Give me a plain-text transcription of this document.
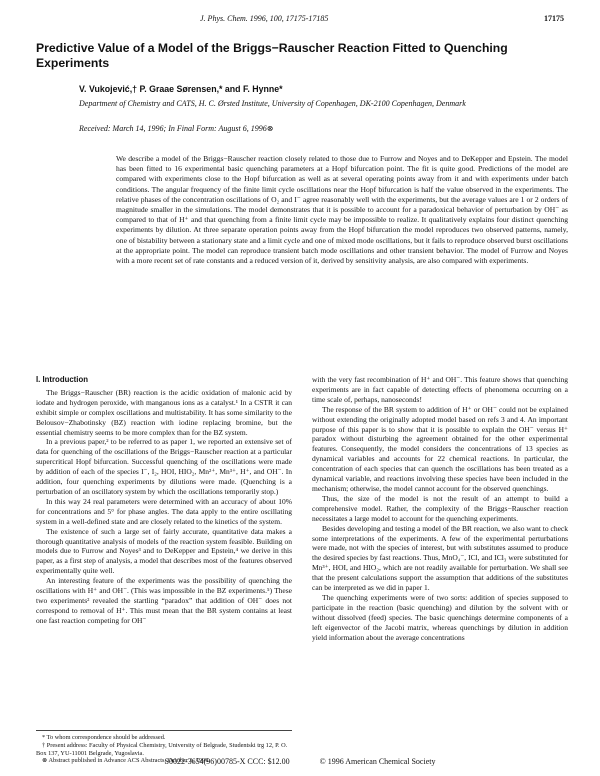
J. Phys. Chem. 1996, 100, 17175-17185	17175
Predictive Value of a Model of the Briggs−Rauscher Reaction Fitted to Quenching Experiments
V. Vukojević,† P. Graae Sørensen,* and F. Hynne*
Department of Chemistry and CATS, H. C. Ørsted Institute, University of Copenhagen, DK-2100 Copenhagen, Denmark
Received: March 14, 1996; In Final Form: August 6, 1996⊗

We describe a model of the Briggs−Rauscher reaction closely related to those due to Furrow and Noyes and to DeKepper and Epstein. The model has been fitted to 16 experimental basic quenching parameters at a Hopf bifurcation point. The fit is quite good. Predictions of the model are compared with experiments close to the Hopf bifurcation as well as at several operating points away from it and with experiments under batch conditions. The angular frequency of the finite limit cycle oscillations near the Hopf bifurcation is half the value observed in the experiments. The relative phases of the concentration oscillations of O₂ and I⁻ agree reasonably well with the experiments, but the average values are 1 or 2 orders of magnitude smaller in the simulations. The model demonstrates that it is possible to account for a paradoxical behavior of perturbation by OH⁻ as compared to that of H⁺ and that quenching from a finite limit cycle may be impossible to realize. It qualitatively explains four distinct quenching experiments by dilution. At three separate operation points away from the Hopf bifurcation the model reproduces two observed patterns, namely, one of bistability between a stationary state and a limit cycle and one of mixed mode oscillations, but it fails to reproduce observed burst oscillations at the appropriate point. The model can reproduce transient batch mode oscillations and other transient behavior. The model of Furrow and Noyes with a more recent set of rate constants and a reduced version of it, derived by sensitivity analysis, are also compared with experiments.

I. Introduction

The Briggs−Rauscher (BR) reaction is the acidic oxidation of malonic acid by iodate and hydrogen peroxide, with manganous ions as a catalyst.¹ In a CSTR it can exhibit simple or complex oscillations and multistability. It has some similarity to the Belousov−Zhabotinsky (BZ) reaction with iodine replacing bromine, but the essential chemistry seems to be more complex than for the BZ system.

In a previous paper,² to be referred to as paper 1, we reported an extensive set of data for quenching of the oscillations of the Briggs−Rauscher reaction at a particular supercritical Hopf bifurcation. Successful quenching of the oscillations were made by addition of each of the species I⁻, I₂, HOI, HIO₂, Mn²⁺, Mn³⁺, H⁺, and OH⁻. In addition, four quenching experiments by dilutions were made. (Quenching is a perturbation of an oscillatory system by which the oscillations temporarily stop.)

In this way 24 real parameters were determined with an accuracy of about 10% for concentrations and 5° for phase angles. The data apply to the entire oscillating system in a well-defined state and are closely related to the kinetics of the system.

The existence of such a large set of fairly accurate, quantitative data makes a thorough quantitative analysis of models of the reaction system feasible. Building on models due to Furrow and Noyes³ and to DeKepper and Epstein,⁴ we derive in this paper, as a first step of analysis, a model that describes most of the features observed experimentally quite well.

An interesting feature of the experiments was the possibility of quenching the oscillations with H⁺ and OH⁻. (This was impossible in the BZ experiments.⁵) These two experiments² revealed the startling “paradox” that addition of OH⁻ does not correspond to removal of H⁺. This must mean that the BR system contains at least one fast reaction competing for OH⁻

with the very fast recombination of H⁺ and OH⁻. This feature shows that quenching experiments are in fact capable of detecting effects of phenomena occurring on a time scale of, perhaps, nanoseconds!

The response of the BR system to addition of H⁺ or OH⁻ could not be explained without extending the originally adopted model based on refs 3 and 4. An important purpose of this paper is to show that it is possible to explain the OH⁻ versus H⁺ paradox without disturbing the agreement obtained for the other experimental features. Consequently, the model considers the concentrations of 13 species as dynamical variables and accounts for 22 chemical reactions. In particular, the concentration of each species that can quench the oscillations has been treated as a dynamical variable, and reactions involving these species have been included in the mechanism; otherwise, the model cannot account for the observed quenchings.

Thus, the size of the model is not the result of an attempt to build a comprehensive model. Rather, the complexity of the Briggs−Rauscher reaction necessitates a large model to account for the quenching experiments.

Besides developing and testing a model of the BR reaction, we also want to check some interpretations of the experiments. A few of the experimental perturbations were made, not with the species of interest, but with substitutes assumed to produce the desired species by fast reactions. Thus, MnO₄⁻, ICl, and ICl₃ were substituted for Mn³⁺, HOI, and HIO₂, which are not readily available for perturbation. We shall see that the present calculations support the assumption that additions of the substitutes can be interpreted as we did in paper 1.

The quenching experiments were of two sorts: addition of species supposed to participate in the reaction (basic quenching) and dilution by the solvent with or without dissolved (feed) species. The basic quenchings determine components of a left eigenvector of the Jacobi matrix, whereas quenchings by dilution in addition yield information about the average concentrations

* To whom correspondence should be addressed.
† Present address: Faculty of Physical Chemistry, University of Belgrade, Studentski trg 12, P. O. Box 137, YU-11001 Belgrade, Yugoslavia.
⊗ Abstract published in Advance ACS Abstracts, October 1, 1996.
S0022-3654(96)00785-X CCC: $12.00	© 1996 American Chemical Society
